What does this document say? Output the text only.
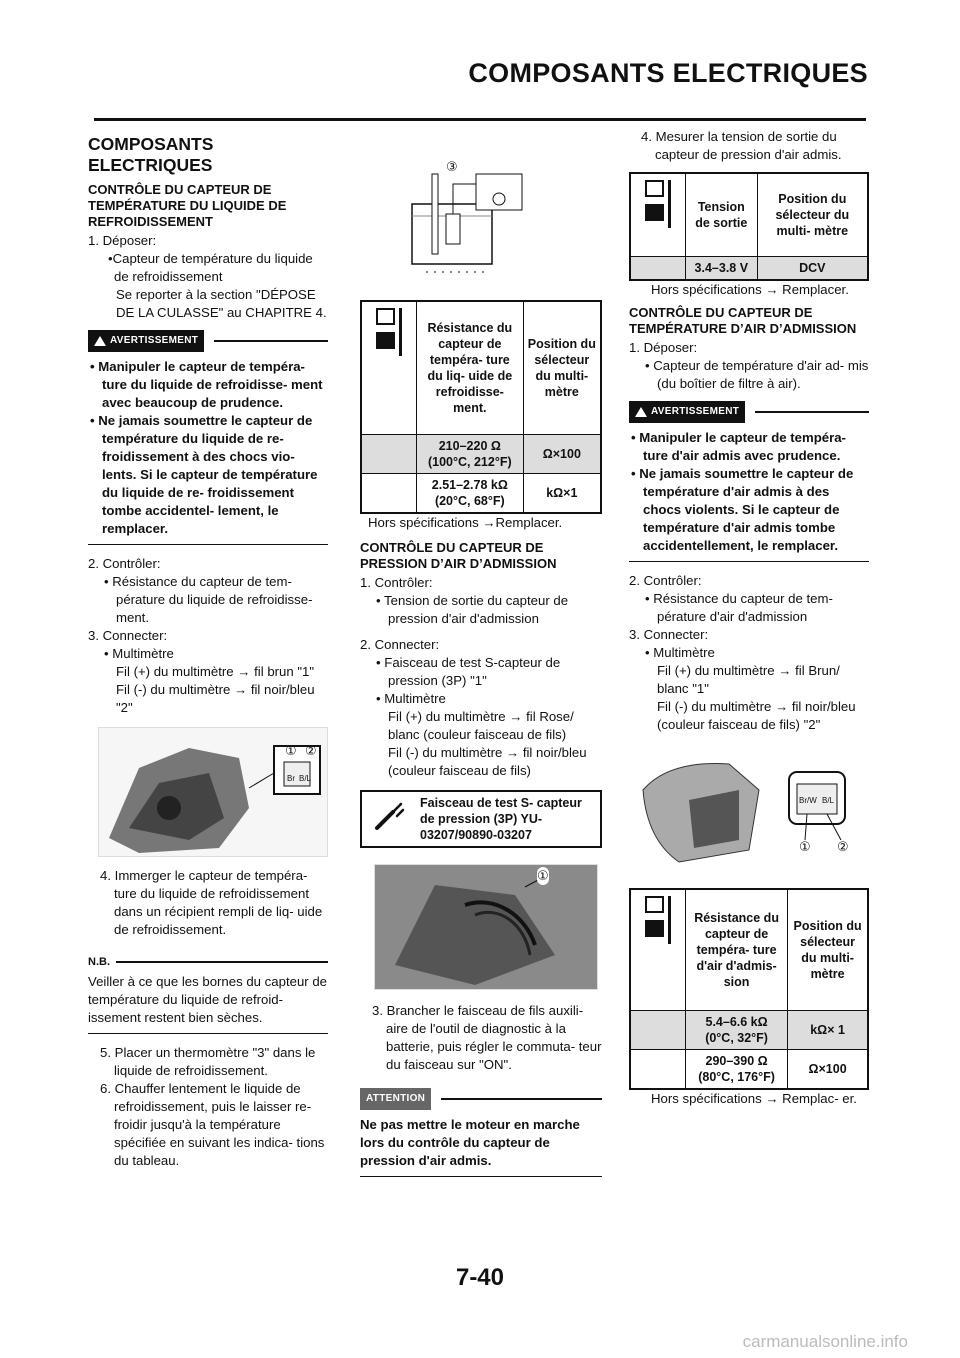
COMPOSANTS ELECTRIQUES
COMPOSANTS ELECTRIQUES
CONTRÔLE DU CAPTEUR DE TEMPÉRATURE DU LIQUIDE DE REFROIDISSEMENT

1. Déposer:

•Capteur de température du liquide de refroidissement

Se reporter à la section "DÉPOSE DE LA CULASSE" au CHAPITRE 4.

AVERTISSEMENT

• Manipuler le capteur de tempéra- ture du liquide de refroidisse- ment avec beaucoup de prudence.

• Ne jamais soumettre le capteur de température du liquide de re- froidissement à des chocs vio- lents. Si le capteur de température du liquide de re- froidissement tombe accidentel- lement, le remplacer.

2. Contrôler:

• Résistance du capteur de tem- pérature du liquide de refroidisse- ment.

3. Connecter:

• Multimètre

Fil (+) du multimètre → fil brun "1"

Fil (-) du multimètre → fil noir/bleu "2"

① ②
Br B/L

4. Immerger le capteur de tempéra- ture du liquide de refroidissement dans un récipient rempli de liq- uide de refroidissement.

N.B.
Veiller à ce que les bornes du capteur de température du liquide de refroid- issement restent bien sèches.

5. Placer un thermomètre "3" dans le liquide de refroidissement.

6. Chauffer lentement le liquide de refroidissement, puis le laisser re- froidir jusqu'à la température spécifiée en suivant les indica- tions du tableau.

③

	Résistance du capteur de tempéra- ture du liq- uide de refroidisse- ment.	Position du sélecteur du multi- mètre
	210–220 Ω (100°C, 212°F)	Ω×100
	2.51–2.78 kΩ (20°C, 68°F)	kΩ×1

Hors spécifications →Remplacer.

CONTRÔLE DU CAPTEUR DE PRESSION D’AIR D’ADMISSION

1. Contrôler:

• Tension de sortie du capteur de pression d'air d'admission

2. Connecter:

• Faisceau de test S-capteur de pression (3P) "1"

• Multimètre

Fil (+) du multimètre → fil Rose/ blanc (couleur faisceau de fils)

Fil (-) du multimètre → fil noir/bleu (couleur faisceau de fils)

	Faisceau de test S- capteur de pression (3P) YU-03207/90890-03207
①

3. Brancher le faisceau de fils auxili- aire de l'outil de diagnostic à la batterie, puis régler le commuta- teur du faisceau sur "ON".

ATTENTION
Ne pas mettre le moteur en marche lors du contrôle du capteur de pression d'air admis.

4. Mesurer la tension de sortie du capteur de pression d'air admis.

	Tension de sortie	Position du sélecteur du multi- mètre
	3.4–3.8 V	DCV

Hors spécifications → Remplacer.

CONTRÔLE DU CAPTEUR DE TEMPÉRATURE D’AIR D’ADMISSION

1. Déposer:

• Capteur de température d'air ad- mis (du boîtier de filtre à air).

AVERTISSEMENT

• Manipuler le capteur de tempéra- ture d'air admis avec prudence.

• Ne jamais soumettre le capteur de température d'air admis à des chocs violents. Si le capteur de température d'air admis tombe accidentellement, le remplacer.

2. Contrôler:

• Résistance du capteur de tem- pérature d'air d'admission

3. Connecter:

• Multimètre

Fil (+) du multimètre → fil Brun/ blanc "1"

Fil (-) du multimètre → fil noir/bleu (couleur faisceau de fils) "2"

Br/W B/L
① ②

	Résistance du capteur de tempéra- ture d'air d'admis- sion	Position du sélecteur du multi- mètre
	5.4–6.6 kΩ (0°C, 32°F)	kΩ× 1
	290–390 Ω (80°C, 176°F)	Ω×100

Hors spécifications → Remplac- er.

7-40
carmanualsonline.info
